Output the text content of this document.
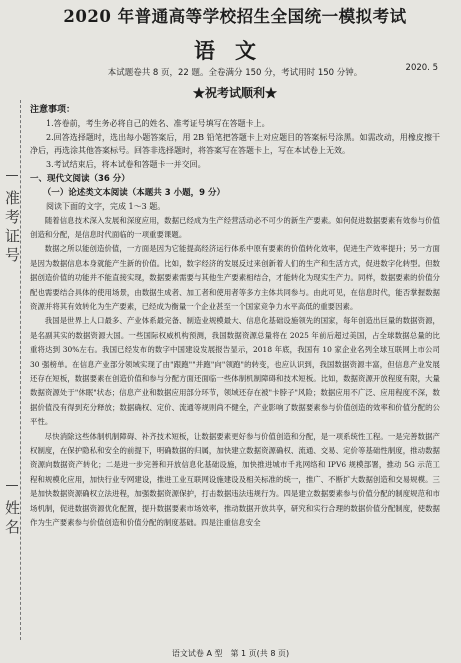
准考证号
姓名
2020 年普通高等学校招生全国统一模拟考试
语文
2020. 5
本试题卷共 8 页，22 题。全卷满分 150 分，考试用时 150 分钟。
★祝考试顺利★
注意事项：

1.答卷前，考生务必将自己的姓名、准考证号填写在答题卡上。

2.回答选择题时，选出每小题答案后，用 2B 铅笔把答题卡上对应题目的答案标号涂黑。如需改动，用橡皮擦干净后，再选涂其他答案标号。回答非选择题时，将答案写在答题卡上，写在本试卷上无效。

3.考试结束后，将本试卷和答题卡一并交回。

一、现代文阅读（36 分）

（一）论述类文本阅读（本题共 3 小题，9 分）

阅读下面的文字，完成 1～3 题。

随着信息技术深入发展和深度应用，数据已经成为生产经营活动必不可少的新生产要素。如何促进数据要素有效参与价值创造和分配，是信息时代面临的一项重要课题。

数据之所以能创造价值，一方面是因为它能提高经济运行体系中原有要素的价值转化效率，促进生产效率提升；另一方面是因为数据信息本身就能产生新的价值。比如，数字经济的发展反过来创新着人们的生产和生活方式，促进数字化转型。但数据创造价值的功能并不能直接实现，数据要素需要与其他生产要素相结合，才能转化为现实生产力。同样，数据要素的价值分配也需要结合具体的使用场景，由数据生成者、加工者和使用者等多方主体共同参与。由此可见，在信息时代，能否掌握数据资源并将其有效转化为生产要素，已经成为衡量一个企业甚至一个国家竞争力水平高低的重要因素。

我国是世界上人口最多、产业体系最完备、制造业规模最大、信息化基础设施领先的国家，每年创造出巨量的数据资源，是名副其实的数据资源大国。一些国际权威机构预测，我国数据资源总量将在 2025 年前后超过美国，占全球数据总量的比重将达到 30%左右。我国已经发布的数字中国建设发展报告显示，2018 年底，我国有 10 家企业名列全球互联网上市公司 30 强榜单。在信息产业部分领域实现了由"跟跑""并跑"向"领跑"的转变，也应认识到，我国数据资源丰富，但信息产业发展还存在短板，数据要素在创造价值和参与分配方面还面临一些体制机制障碍和技术短板。比如，数据资源开放程度有限，大量数据资源处于"休眠"状态；信息产业和数据应用部分环节，领域还存在被"卡脖子"风险；数据应用不广泛、应用程度不深，数据价值没有得到充分释放；数据确权、定价、流通等规则尚不健全，产业影响了数据要素参与价值创造的效率和价值分配的公平性。

尽快消除这些体制机制障碍、补齐技术短板，让数据要素更好参与价值创造和分配，是一项系统性工程。一是完善数据产权制度，在保护隐私和安全的前提下，明确数据的归属，加快建立数据资源确权、流通、交易、定价等基础性制度，推动数据资源向数据资产转化；二是进一步完善和开放信息化基础设施，加快推进城市千兆网络和 IPV6 规模部署，推动 5G 示范工程和规模化应用，加快行业专网建设，推进工业互联网设施建设及相关标准的统一，推广、不断扩大数据创造和交易规模。三是加快数据资源确权立法进程，加强数据资源保护，打击数据违法违规行为。四是建立数据要素参与价值分配的制度规范和市场机制，促进数据资源优化配置，提升数据要素市场效率，推动数据开放共享，研究和实行合理的数据价值分配制度，使数据作为生产要素参与价值创造和价值分配的制度基础。四是注重信息安全

语文试卷 A 型　第 1 页(共 8 页)
